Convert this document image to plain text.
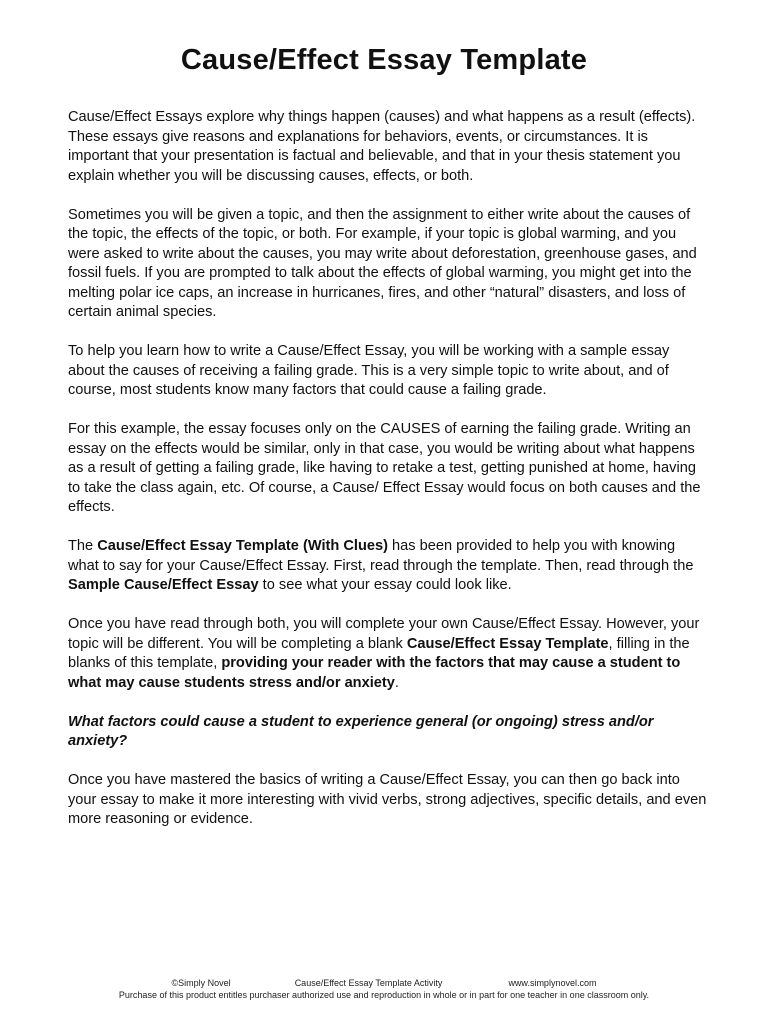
Cause/Effect Essay Template

Cause/Effect Essays explore why things happen (causes) and what happens as a result (effects). These essays give reasons and explanations for behaviors, events, or circumstances. It is important that your presentation is factual and believable, and that in your thesis statement you explain whether you will be discussing causes, effects, or both.

Sometimes you will be given a topic, and then the assignment to either write about the causes of the topic, the effects of the topic, or both. For example, if your topic is global warming, and you were asked to write about the causes, you may write about deforestation, greenhouse gases, and fossil fuels. If you are prompted to talk about the effects of global warming, you might get into the melting polar ice caps, an increase in hurricanes, fires, and other “natural” disasters, and loss of certain animal species.

To help you learn how to write a Cause/Effect Essay, you will be working with a sample essay about the causes of receiving a failing grade. This is a very simple topic to write about, and of course, most students know many factors that could cause a failing grade.

For this example, the essay focuses only on the CAUSES of earning the failing grade. Writing an essay on the effects would be similar, only in that case, you would be writing about what happens as a result of getting a failing grade, like having to retake a test, getting punished at home, having to take the class again, etc. Of course, a Cause/ Effect Essay would focus on both causes and the effects.

The Cause/Effect Essay Template (With Clues) has been provided to help you with knowing what to say for your Cause/Effect Essay. First, read through the template. Then, read through the Sample Cause/Effect Essay to see what your essay could look like.

Once you have read through both, you will complete your own Cause/Effect Essay. However, your topic will be different. You will be completing a blank Cause/Effect Essay Template, filling in the blanks of this template, providing your reader with the factors that may cause a student to what may cause students stress and/or anxiety.

What factors could cause a student to experience general (or ongoing) stress and/or anxiety?

Once you have mastered the basics of writing a Cause/Effect Essay, you can then go back into your essay to make it more interesting with vivid verbs, strong adjectives, specific details, and even more reasoning or evidence.

©Simply Novel	Cause/Effect Essay Template Activity	www.simplynovel.com
Purchase of this product entitles purchaser authorized use and reproduction in whole or in part for one teacher in one classroom only.
